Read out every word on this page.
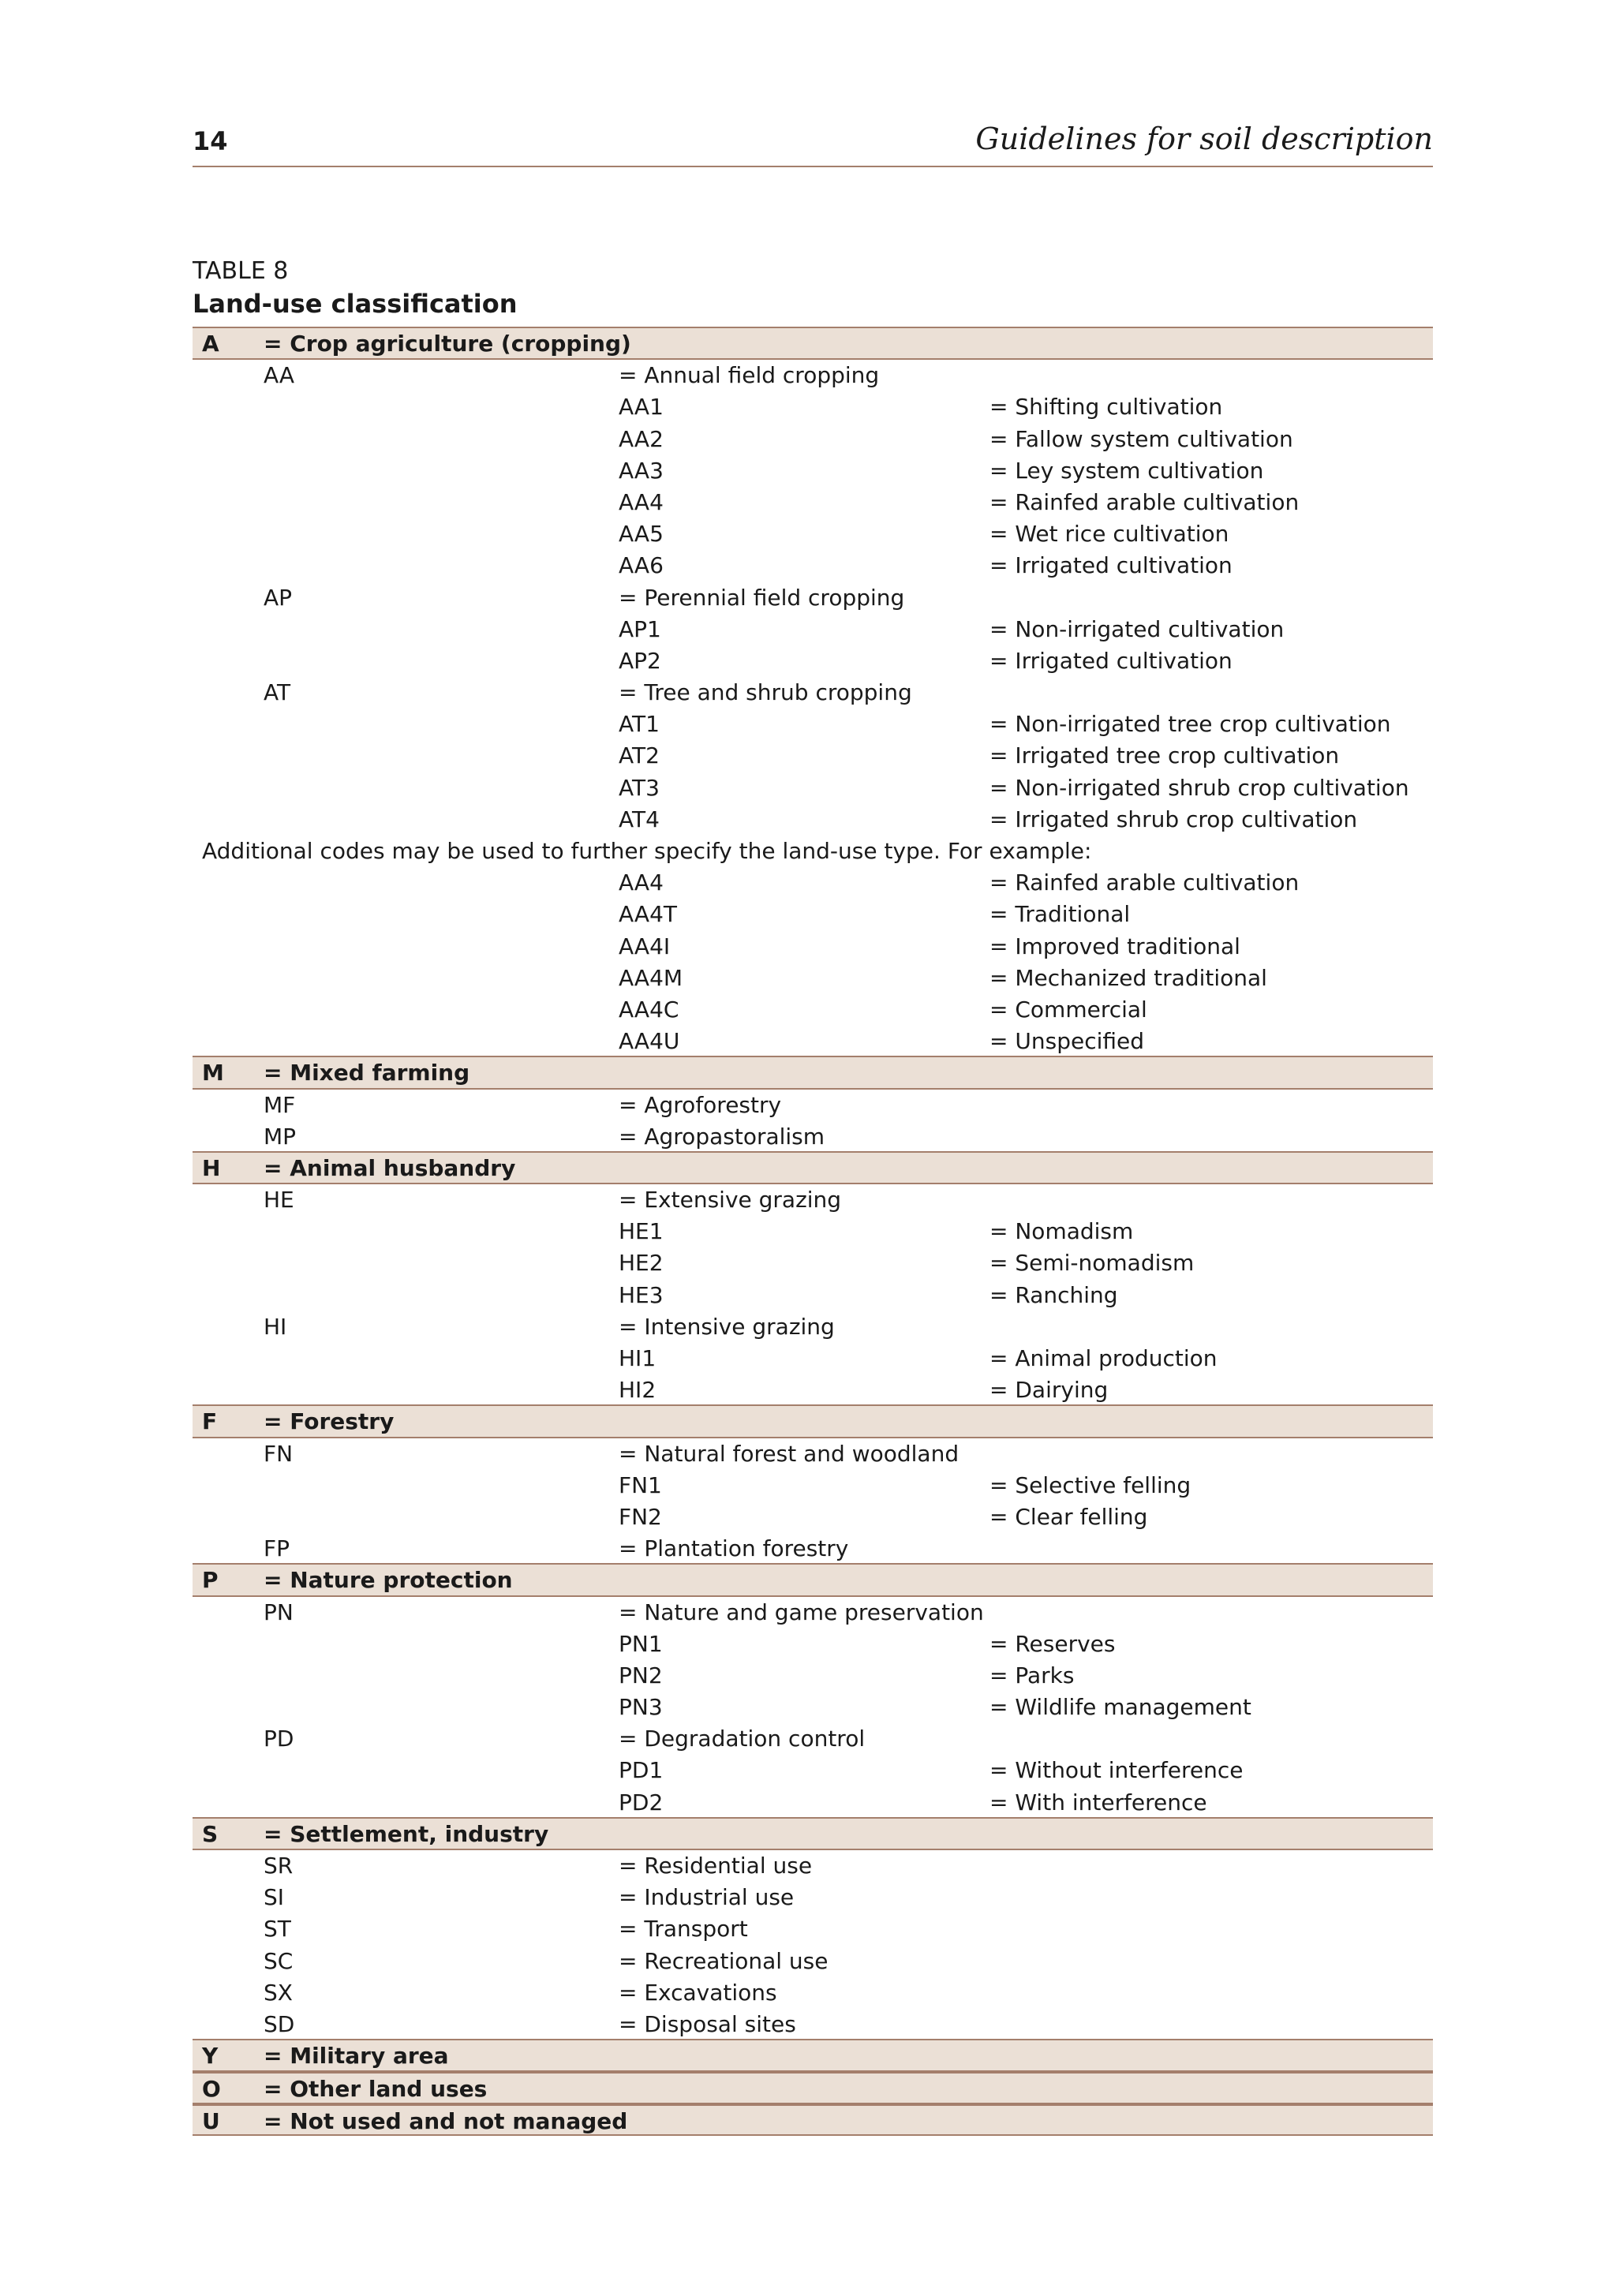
14	Guidelines for soil description
TABLE 8
Land-use classification
A = Crop agriculture (cropping)
AA	= Annual field cropping
AA1	= Shifting cultivation
AA2	= Fallow system cultivation
AA3	= Ley system cultivation
AA4	= Rainfed arable cultivation
AA5	= Wet rice cultivation
AA6	= Irrigated cultivation
AP	= Perennial field cropping
AP1	= Non-irrigated cultivation
AP2	= Irrigated cultivation
AT	= Tree and shrub cropping
AT1	= Non-irrigated tree crop cultivation
AT2	= Irrigated tree crop cultivation
AT3	= Non-irrigated shrub crop cultivation
AT4	= Irrigated shrub crop cultivation
Additional codes may be used to further specify the land-use type. For example:
AA4	= Rainfed arable cultivation
AA4T	= Traditional
AA4I	= Improved traditional
AA4M	= Mechanized traditional
AA4C	= Commercial
AA4U	= Unspecified
M = Mixed farming
MF	= Agroforestry
MP	= Agropastoralism
H = Animal husbandry
HE	= Extensive grazing
HE1	= Nomadism
HE2	= Semi-nomadism
HE3	= Ranching
HI	= Intensive grazing
HI1	= Animal production
HI2	= Dairying
F = Forestry
FN	= Natural forest and woodland
FN1	= Selective felling
FN2	= Clear felling
FP	= Plantation forestry
P = Nature protection
PN	= Nature and game preservation
PN1	= Reserves
PN2	= Parks
PN3	= Wildlife management
PD	= Degradation control
PD1	= Without interference
PD2	= With interference
S = Settlement, industry
SR	= Residential use
SI	= Industrial use
ST	= Transport
SC	= Recreational use
SX	= Excavations
SD	= Disposal sites
Y = Military area
O = Other land uses
U = Not used and not managed
